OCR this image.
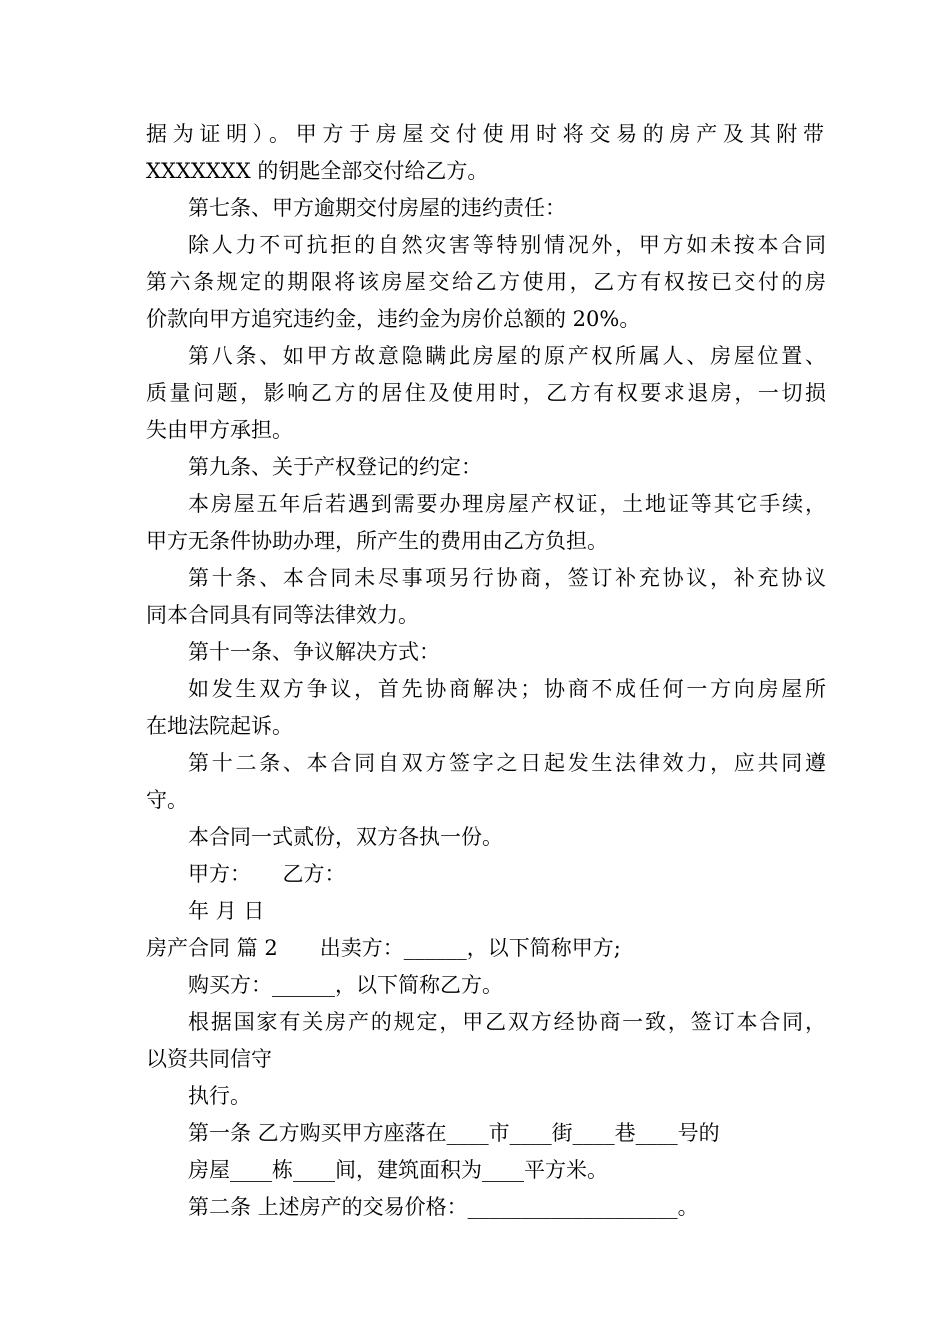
据为证明）。甲方于房屋交付使用时将交易的房产及其附带
XXXXXXX 的钥匙全部交付给乙方。
第七条、甲方逾期交付房屋的违约责任：
除人力不可抗拒的自然灾害等特别情况外，甲方如未按本合同
第六条规定的期限将该房屋交给乙方使用，乙方有权按已交付的房
价款向甲方追究违约金，违约金为房价总额的 20%。
第八条、如甲方故意隐瞒此房屋的原产权所属人、房屋位置、
质量问题，影响乙方的居住及使用时，乙方有权要求退房，一切损
失由甲方承担。
第九条、关于产权登记的约定：
本房屋五年后若遇到需要办理房屋产权证，土地证等其它手续，
甲方无条件协助办理，所产生的费用由乙方负担。
第十条、本合同未尽事项另行协商，签订补充协议，补充协议
同本合同具有同等法律效力。
第十一条、争议解决方式：
如发生双方争议，首先协商解决；协商不成任何一方向房屋所
在地法院起诉。
第十二条、本合同自双方签字之日起发生法律效力，应共同遵
守。
本合同一式贰份，双方各执一份。
甲方：　　乙方：
年 月 日
房产合同 篇 2　　出卖方：______，以下简称甲方;
购买方：______，以下简称乙方。
根据国家有关房产的规定，甲乙双方经协商一致，签订本合同，
以资共同信守
执行。
第一条 乙方购买甲方座落在____市____街____巷____号的
房屋____栋____间，建筑面积为____平方米。
第二条 上述房产的交易价格：____________________。
